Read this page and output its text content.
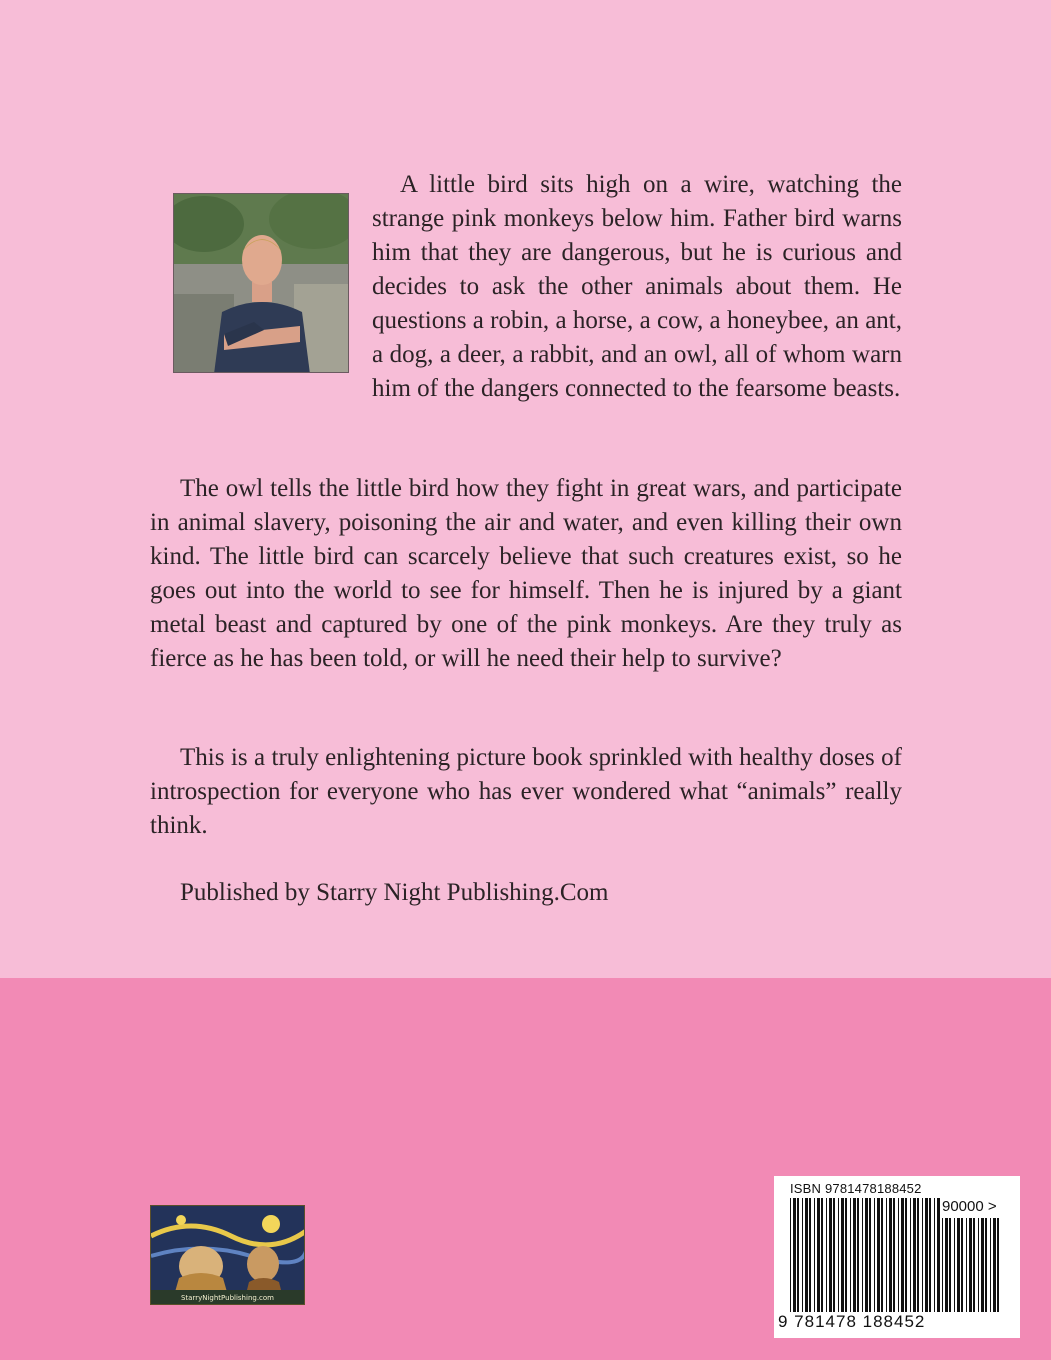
A little bird sits high on a wire, watching the strange pink monkeys below him. Father bird warns him that they are dangerous, but he is curious and decides to ask the other animals about them. He questions a robin, a horse, a cow, a honeybee, an ant, a dog, a deer, a rabbit, and an owl, all of whom warn him of the dangers connected to the fearsome beasts.

The owl tells the little bird how they fight in great wars, and participate in animal slavery, poisoning the air and water, and even killing their own kind. The little bird can scarcely believe that such creatures exist, so he goes out into the world to see for himself. Then he is injured by a giant metal beast and captured by one of the pink monkeys. Are they truly as fierce as he has been told, or will he need their help to survive?

This is a truly enlightening picture book sprinkled with healthy doses of introspection for everyone who has ever wondered what “animals” really think.

Published by Starry Night Publishing.Com

StarryNightPublishing.com
ISBN 9781478188452
90000 >
9 781478 188452
